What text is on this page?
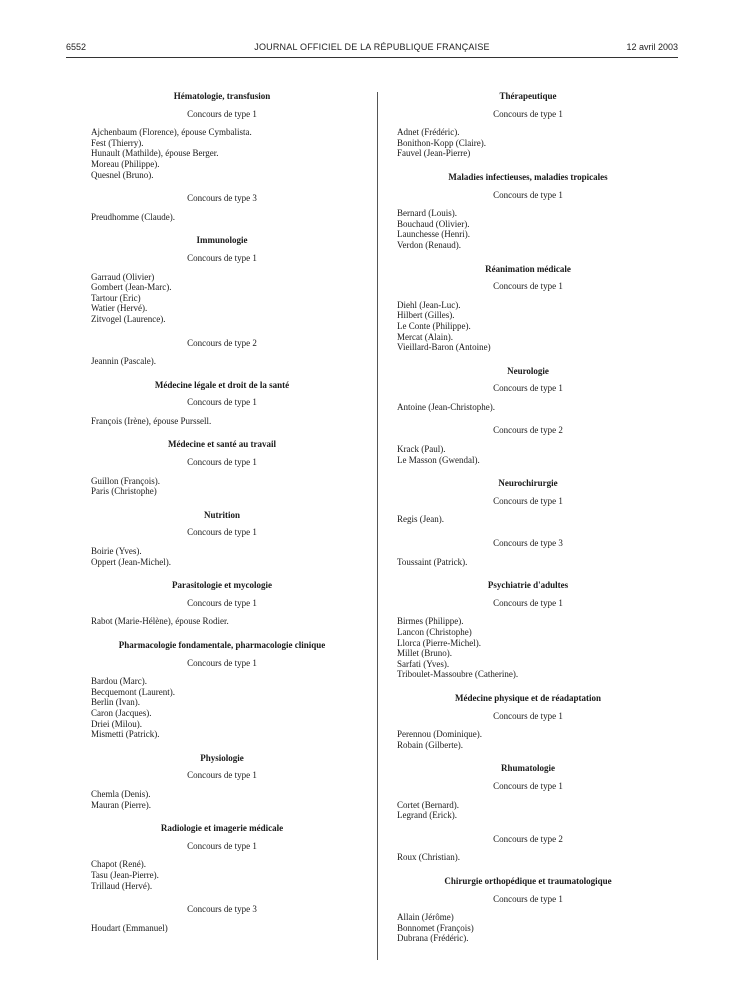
6552	JOURNAL OFFICIEL DE LA RÉPUBLIQUE FRANÇAISE	12 avril 2003
Hématologie, transfusion
Concours de type 1
Ajchenbaum (Florence), épouse Cymbalista.
Fest (Thierry).
Hunault (Mathilde), épouse Berger.
Moreau (Philippe).
Quesnel (Bruno).
Concours de type 3
Preudhomme (Claude).
Immunologie
Concours de type 1
Garraud (Olivier)
Gombert (Jean-Marc).
Tartour (Eric)
Watier (Hervé).
Zitvogel (Laurence).
Concours de type 2
Jeannin (Pascale).
Médecine légale et droit de la santé
Concours de type 1
François (Irène), épouse Purssell.
Médecine et santé au travail
Concours de type 1
Guillon (François).
Paris (Christophe)
Nutrition
Concours de type 1
Boirie (Yves).
Oppert (Jean-Michel).
Parasitologie et mycologie
Concours de type 1
Rabot (Marie-Hélène), épouse Rodier.
Pharmacologie fondamentale, pharmacologie clinique
Concours de type 1
Bardou (Marc).
Becquemont (Laurent).
Berlin (Ivan).
Caron (Jacques).
Driei (Milou).
Mismetti (Patrick).
Physiologie
Concours de type 1
Chemla (Denis).
Mauran (Pierre).
Radiologie et imagerie médicale
Concours de type 1
Chapot (René).
Tasu (Jean-Pierre).
Trillaud (Hervé).
Concours de type 3
Houdart (Emmanuel)
Thérapeutique
Concours de type 1
Adnet (Frédéric).
Bonithon-Kopp (Claire).
Fauvel (Jean-Pierre)
Maladies infectieuses, maladies tropicales
Concours de type 1
Bernard (Louis).
Bouchaud (Olivier).
Launchesse (Henri).
Verdon (Renaud).
Réanimation médicale
Concours de type 1
Diehl (Jean-Luc).
Hilbert (Gilles).
Le Conte (Philippe).
Mercat (Alain).
Vieillard-Baron (Antoine)
Neurologie
Concours de type 1
Antoine (Jean-Christophe).
Concours de type 2
Krack (Paul).
Le Masson (Gwendal).
Neurochirurgie
Concours de type 1
Regis (Jean).
Concours de type 3
Toussaint (Patrick).
Psychiatrie d'adultes
Concours de type 1
Birmes (Philippe).
Lancon (Christophe)
Llorca (Pierre-Michel).
Millet (Bruno).
Sarfati (Yves).
Triboulet-Massoubre (Catherine).
Médecine physique et de réadaptation
Concours de type 1
Perennou (Dominique).
Robain (Gilberte).
Rhumatologie
Concours de type 1
Cortet (Bernard).
Legrand (Erick).
Concours de type 2
Roux (Christian).
Chirurgie orthopédique et traumatologique
Concours de type 1
Allain (Jérôme)
Bonnomet (François)
Dubrana (Frédéric).
